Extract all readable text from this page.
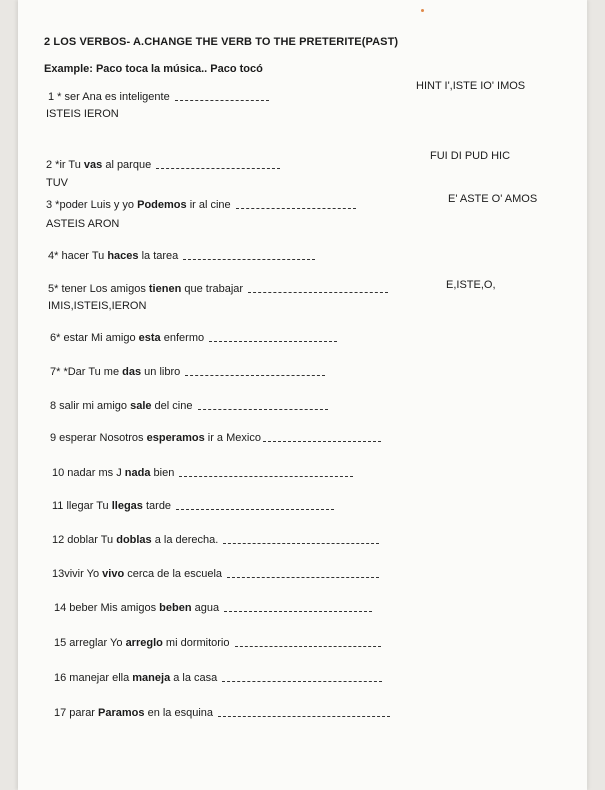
2 LOS VERBOS- A.CHANGE THE VERB TO THE PRETERITE(PAST)
Example: Paco toca la música.. Paco tocó
1 * ser Ana es inteligente
HINT I',ISTE IO' IMOS
ISTEIS IERON
2 *ir Tu vas al parque
FUI DI PUD HIC
TUV
3 *poder Luis y yo Podemos ir al cine	E' ASTE O' AMOS
ASTEIS ARON
4* hacer Tu haces la tarea
5* tener Los amigos tienen que trabajar	E,ISTE,O,
IMIS,ISTEIS,IERON
6* estar Mi amigo esta enfermo
7* *Dar Tu me das un libro
8 salir mi amigo sale del cine
9 esperar Nosotros esperamos ir a Mexico
10 nadar ms J nada bien
11 llegar Tu llegas tarde
12 doblar Tu doblas a la derecha.
13vivir Yo vivo cerca de la escuela
14 beber Mis amigos beben agua
15 arreglar Yo arreglo mi dormitorio
16 manejar ella maneja a la casa
17 parar Paramos en la esquina
